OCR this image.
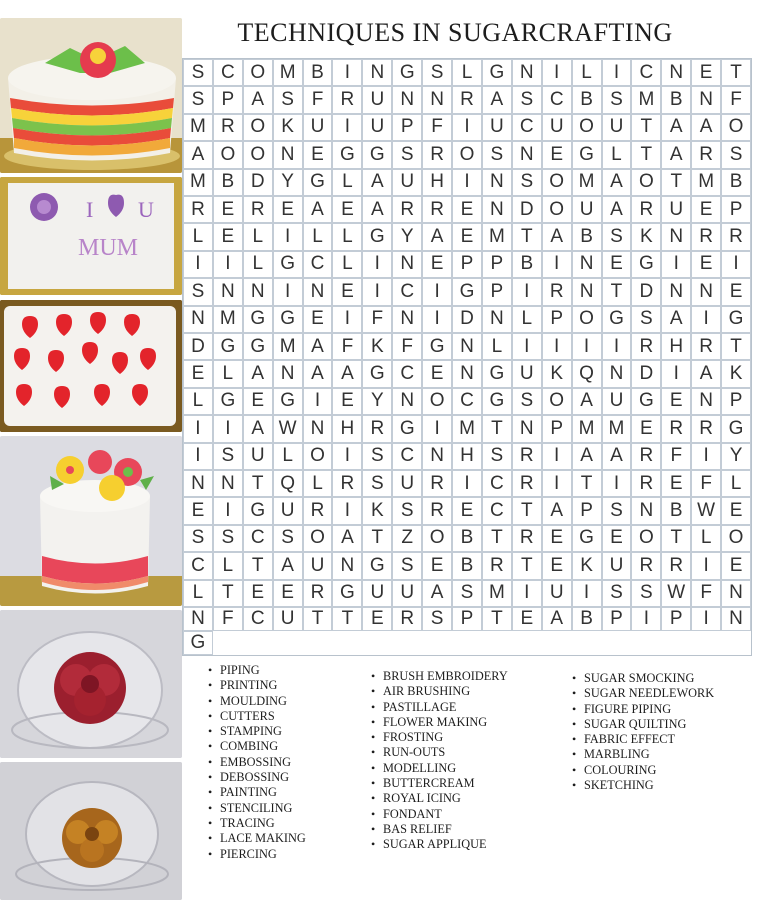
I U
MUM
TECHNIQUES IN SUGARCRAFTING
S C O M B	I	N G S L G N	I	L	I	C N E T
S P A S F R U N N R A S C B S M B N F
M R O K U	I	U P F	I	U C U O U T A A O
A O O N E G G S R O S N E G L T A R S
M B D Y G L A U H	I	N S O M A O T M B
R E R E A E A R R E N D O U A R U E P
L E L	I	L	L G Y A E M T A B S K N R R
I	I	L G C L	I	N E P P B	I	N E G	I	E	I
S N N	I	N E	I	C	I	G P	I	R N T D N N E
N M G G E	I	F N	I	D N L P O G S A	I	G
D G G M A F K F G N L	I	I	I	I	R H R T
E L A N A A G C E N G U K Q N D	I	A K
L G E G	I	E Y N O C G S O A U G E N P
I	I	A W N H R G	I	M T N P M M E R R G
I	S U L O	I	S C N H S R	I	A A R F	I	Y
N N T Q L R S U R	I	C R	I	T	I	R E F L
E	I	G U R	I	K S R E C T A P S N B W E
S S C S O A T Z O B T R E G E O T L O
C L T A U N G S E B R T E K U R R	I	E
L T E E R G U U A S M	I	U	I	S S W F N
N F C U T T E R S P T E A B P	I	P	I	N
G
• PIPING
• PRINTING
• MOULDING
• CUTTERS
• STAMPING
• COMBING
• EMBOSSING
• DEBOSSING
• PAINTING
• STENCILING
• TRACING
• LACE MAKING
• PIERCING
• BRUSH EMBROIDERY
• AIR BRUSHING
• PASTILLAGE
• FLOWER MAKING
• FROSTING
• RUN-OUTS
• MODELLING
• BUTTERCREAM
• ROYAL ICING
• FONDANT
• BAS RELIEF
• SUGAR APPLIQUE
• SUGAR SMOCKING
• SUGAR NEEDLEWORK
• FIGURE PIPING
• SUGAR QUILTING
• FABRIC EFFECT
• MARBLING
• COLOURING
• SKETCHING
